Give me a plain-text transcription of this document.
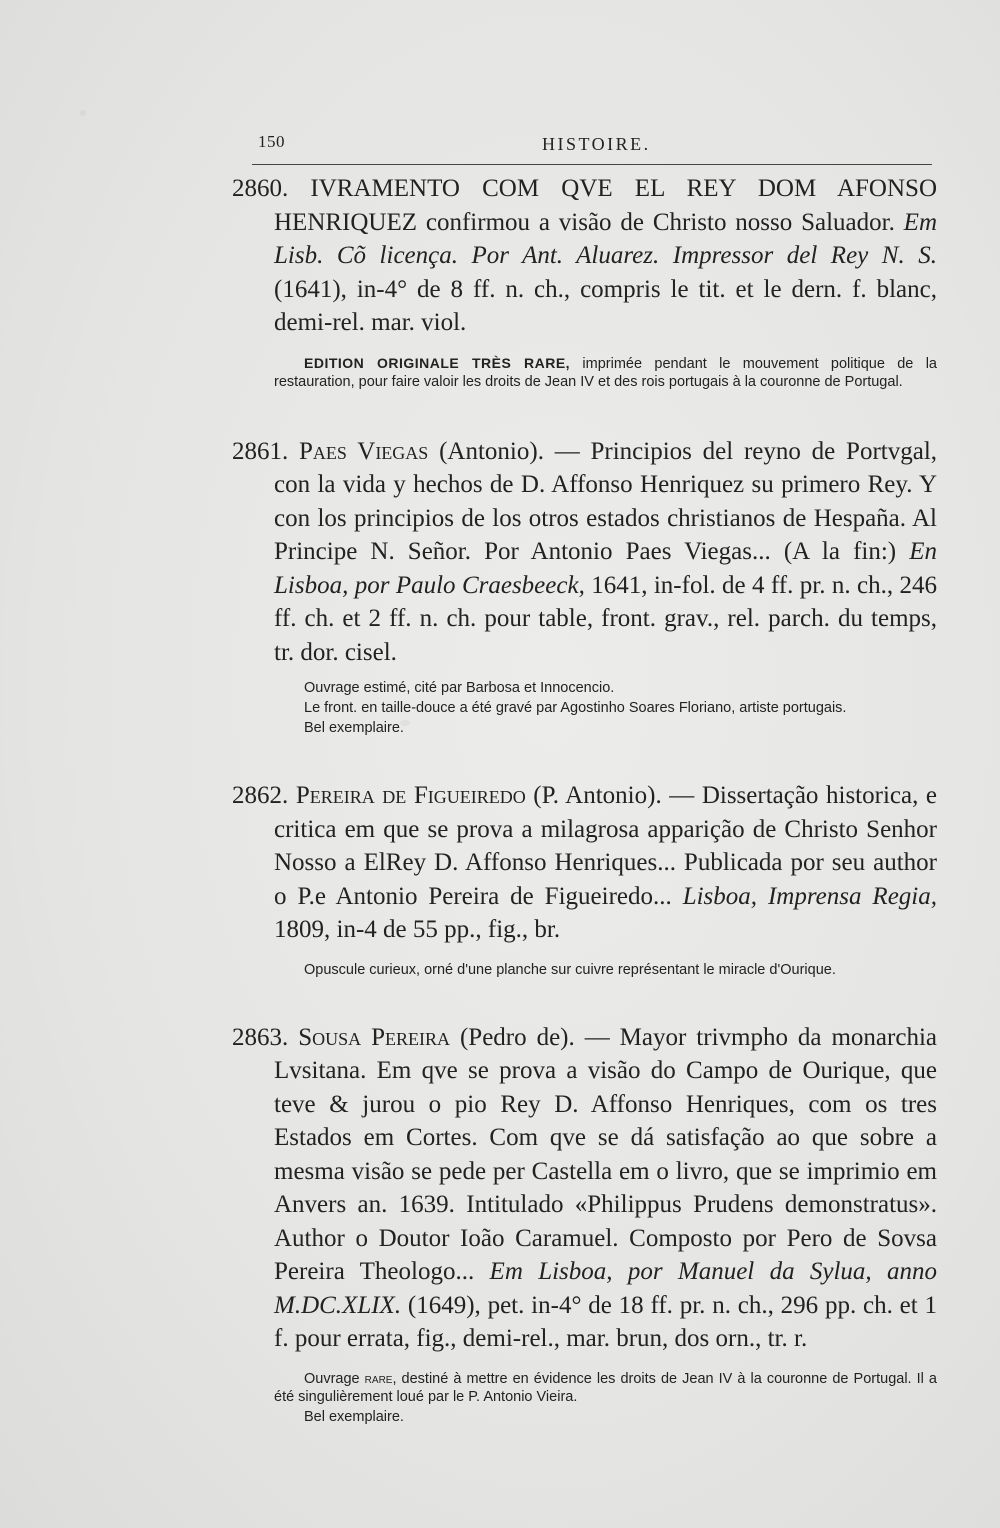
150	HISTOIRE.
2860. IVRAMENTO COM QVE EL REY DOM AFONSO HENRIQUEZ confirmou a visão de Christo nosso Saluador. Em Lisb. Cõ licença. Por Ant. Aluarez. Impressor del Rey N. S. (1641), in-4° de 8 ff. n. ch., compris le tit. et le dern. f. blanc, demi-rel. mar. viol.

EDITION ORIGINALE TRÈS RARE, imprimée pendant le mouvement politique de la restauration, pour faire valoir les droits de Jean IV et des rois portugais à la couronne de Portugal.

2861. Paes Viegas (Antonio). — Principios del reyno de Portvgal, con la vida y hechos de D. Affonso Henriquez su primero Rey. Y con los principios de los otros estados christianos de Hespaña. Al Principe N. Señor. Por Antonio Paes Viegas... (A la fin:) En Lisboa, por Paulo Craesbeeck, 1641, in-fol. de 4 ff. pr. n. ch., 246 ff. ch. et 2 ff. n. ch. pour table, front. grav., rel. parch. du temps, tr. dor. cisel.

Ouvrage estimé, cité par Barbosa et Innocencio.

Le front. en taille-douce a été gravé par Agostinho Soares Floriano, artiste portugais.

Bel exemplaire.

2862. Pereira de Figueiredo (P. Antonio). — Dissertação historica, e critica em que se prova a milagrosa apparição de Christo Senhor Nosso a ElRey D. Affonso Henriques... Publicada por seu author o P.e Antonio Pereira de Figueiredo... Lisboa, Imprensa Regia, 1809, in-4 de 55 pp., fig., br.

Opuscule curieux, orné d'une planche sur cuivre représentant le miracle d'Ourique.

2863. Sousa Pereira (Pedro de). — Mayor trivmpho da monarchia Lvsitana. Em qve se prova a visão do Campo de Ourique, que teve & jurou o pio Rey D. Affonso Henriques, com os tres Estados em Cortes. Com qve se dá satisfação ao que sobre a mesma visão se pede per Castella em o livro, que se imprimio em Anvers an. 1639. Intitulado «Philippus Prudens demonstratus». Author o Doutor Ioão Caramuel. Composto por Pero de Sovsa Pereira Theologo... Em Lisboa, por Manuel da Sylua, anno M.DC.XLIX. (1649), pet. in-4° de 18 ff. pr. n. ch., 296 pp. ch. et 1 f. pour errata, fig., demi-rel., mar. brun, dos orn., tr. r.

Ouvrage rare, destiné à mettre en évidence les droits de Jean IV à la couronne de Portugal. Il a été singulièrement loué par le P. Antonio Vieira.

Bel exemplaire.
